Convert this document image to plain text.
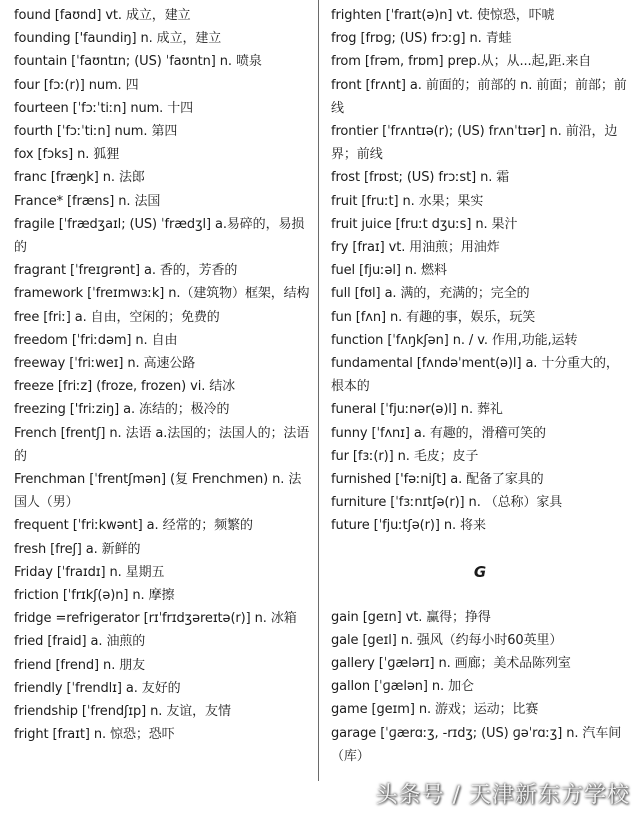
found [faʊnd] vt. 成立，建立
founding ['faundiŋ] n. 成立，建立
fountain [ˈfaʊntɪn; (US) ˈfaʊntn] n. 喷泉
four [fɔː(r)] num. 四
fourteen [ˈfɔːˈtiːn] num. 十四
fourth [ˈfɔːˈtiːn] num. 第四
fox [fɔks] n. 狐狸
franc [fræŋk] n. 法郎
France* [fræns] n. 法国
fragile [ˈfrædʒaɪl; (US) ˈfrædʒl] a.易碎的，易损的
fragrant [ˈfreɪɡrənt] a. 香的，芳香的
framework [ˈfreɪmwɜːk] n.（建筑物）框架，结构
free [friː] a. 自由，空闲的；免费的
freedom [ˈfriːdəm] n. 自由
freeway [ˈfriːweɪ] n. 高速公路
freeze [friːz] (froze, frozen) vi. 结冰
freezing ['friːziŋ] a. 冻结的；极冷的
French [frentʃ] n. 法语 a.法国的；法国人的；法语的
Frenchman [ˈfrentʃmən] (复 Frenchmen) n. 法国人（男）
frequent [ˈfriːkwənt] a. 经常的；频繁的
fresh [freʃ] a. 新鲜的
Friday [ˈfraɪdɪ] n. 星期五
friction [ˈfrɪkʃ(ə)n] n. 摩擦
fridge =refrigerator [rɪˈfrɪdʒəreɪtə(r)] n. 冰箱
fried [fraid] a. 油煎的
friend [frend] n. 朋友
friendly [ˈfrendlɪ] a. 友好的
friendship [ˈfrendʃɪp] n. 友谊，友情
fright [fraɪt] n. 惊恐；恐吓
frighten [ˈfraɪt(ə)n] vt. 使惊恐，吓唬
frog [frɒɡ; (US) frɔːɡ] n. 青蛙
from [frəm, frɒm] prep.从；从...起,距.来自
front [frʌnt] a. 前面的；前部的 n. 前面；前部；前线
frontier [ˈfrʌntɪə(r); (US) frʌnˈtɪər] n. 前沿，边界；前线
frost [frɒst; (US) frɔːst] n. 霜
fruit [fruːt] n. 水果；果实
fruit juice [fruːt dʒuːs] n. 果汁
fry [fraɪ] vt. 用油煎；用油炸
fuel [fjuːəl] n. 燃料
full [fʊl] a. 满的，充满的；完全的
fun [fʌn] n. 有趣的事，娱乐，玩笑
function [ˈfʌŋkʃən] n. / v. 作用,功能,运转
fundamental [fʌndəˈment(ə)l] a. 十分重大的，根本的
funeral [ˈfjuːnər(ə)l] n. 葬礼
funny [ˈfʌnɪ] a. 有趣的，滑稽可笑的
fur [fɜː(r)] n. 毛皮；皮子
furnished ['fəːniʃt] a. 配备了家具的
furniture [ˈfɜːnɪtʃə(r)] n. （总称）家具
future [ˈfjuːtʃə(r)] n. 将来
G
gain [geɪn] vt. 赢得；挣得
gale [geɪl] n. 强风（约每小时60英里）
gallery [ˈɡælərɪ] n. 画廊；美术品陈列室
gallon [ˈɡælən] n. 加仑
game [geɪm] n. 游戏；运动；比赛
garage [ˈɡærɑːʒ, -rɪdʒ; (US) ɡəˈrɑːʒ] n. 汽车间（库）
头条号 / 天津新东方学校
